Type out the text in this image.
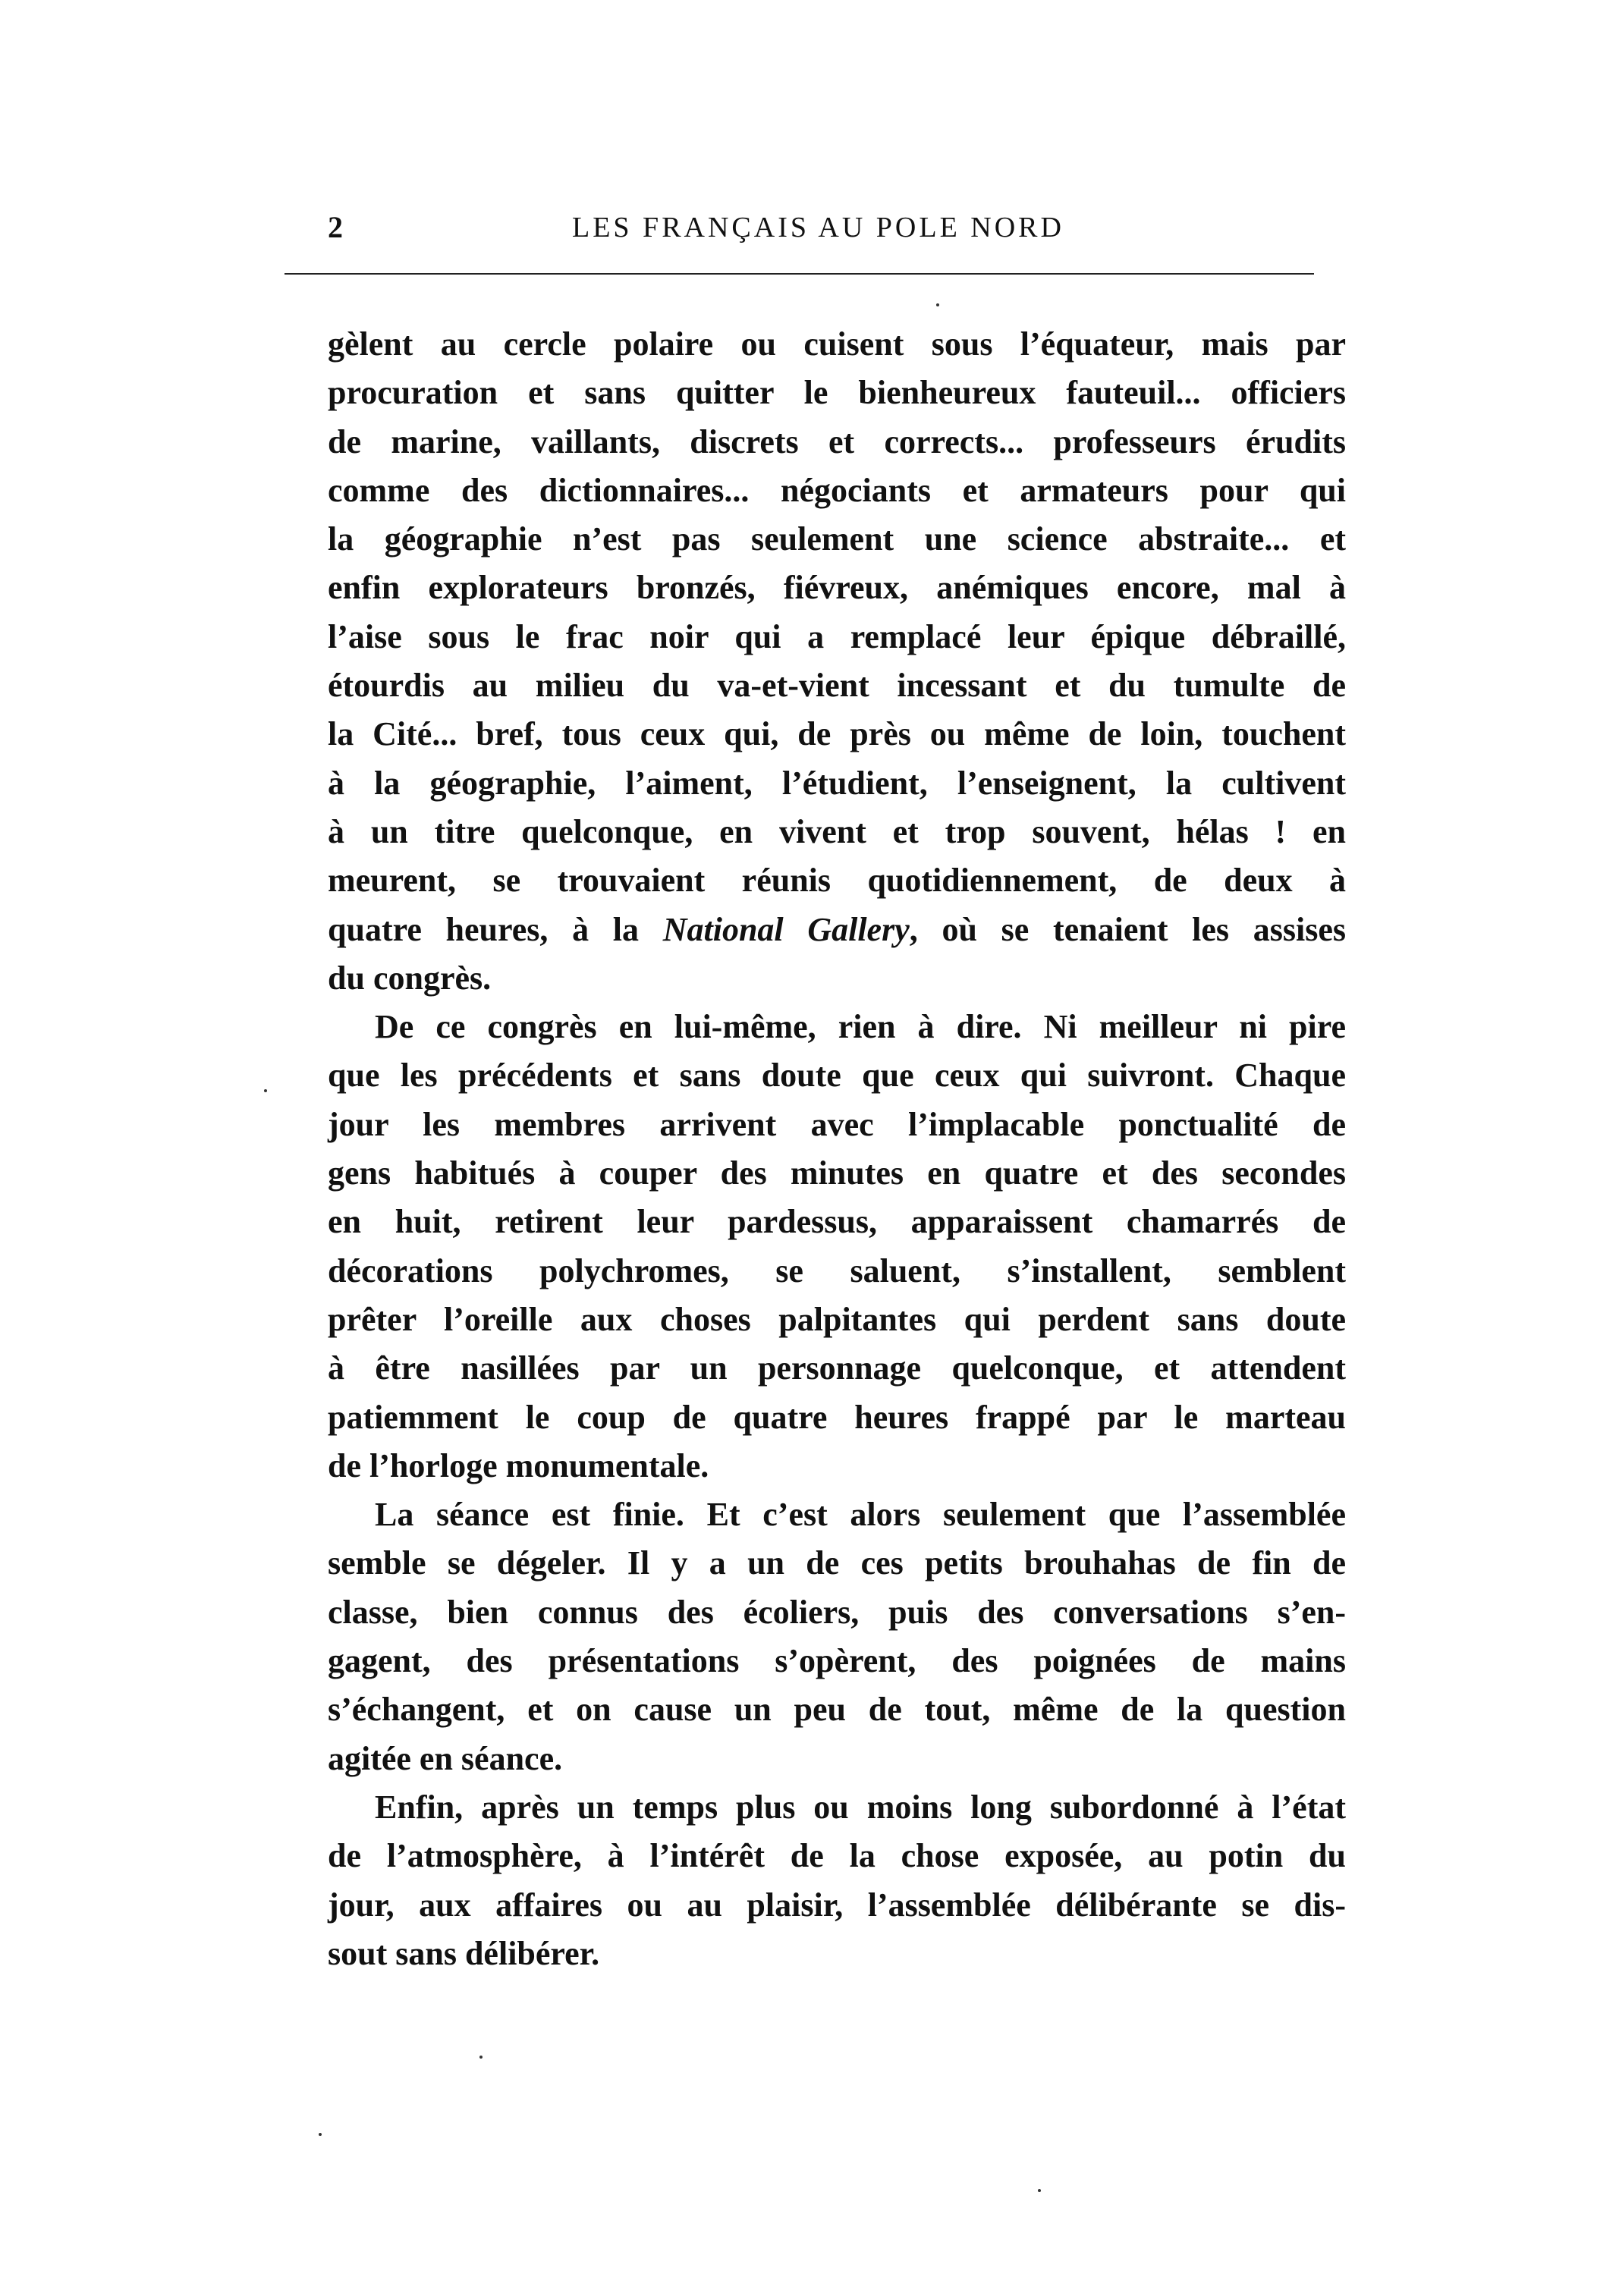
2	LES FRANÇAIS AU POLE NORD
gèlent au cercle polaire ou cuisent sous l’équateur, mais par
procuration et sans quitter le bienheureux fauteuil... officiers
de marine, vaillants, discrets et corrects... professeurs érudits
comme des dictionnaires... négociants et armateurs pour qui
la géographie n’est pas seulement une science abstraite... et
enfin explorateurs bronzés, fiévreux, anémiques encore, mal à
l’aise sous le frac noir qui a remplacé leur épique débraillé,
étourdis au milieu du va-et-vient incessant et du tumulte de
la Cité... bref, tous ceux qui, de près ou même de loin, touchent
à la géographie, l’aiment, l’étudient, l’enseignent, la cultivent
à un titre quelconque, en vivent et trop souvent, hélas ! en
meurent, se trouvaient réunis quotidiennement, de deux à
quatre heures, à la National Gallery, où se tenaient les assises
du congrès.
De ce congrès en lui-même, rien à dire. Ni meilleur ni pire
que les précédents et sans doute que ceux qui suivront. Chaque
jour les membres arrivent avec l’implacable ponctualité de
gens habitués à couper des minutes en quatre et des secondes
en huit, retirent leur pardessus, apparaissent chamarrés de
décorations polychromes, se saluent, s’installent, semblent
prêter l’oreille aux choses palpitantes qui perdent sans doute
à être nasillées par un personnage quelconque, et attendent
patiemment le coup de quatre heures frappé par le marteau
de l’horloge monumentale.
La séance est finie. Et c’est alors seulement que l’assemblée
semble se dégeler. Il y a un de ces petits brouhahas de fin de
classe, bien connus des écoliers, puis des conversations s’en-
gagent, des présentations s’opèrent, des poignées de mains
s’échangent, et on cause un peu de tout, même de la question
agitée en séance.
Enfin, après un temps plus ou moins long subordonné à l’état
de l’atmosphère, à l’intérêt de la chose exposée, au potin du
jour, aux affaires ou au plaisir, l’assemblée délibérante se dis-
sout sans délibérer.
